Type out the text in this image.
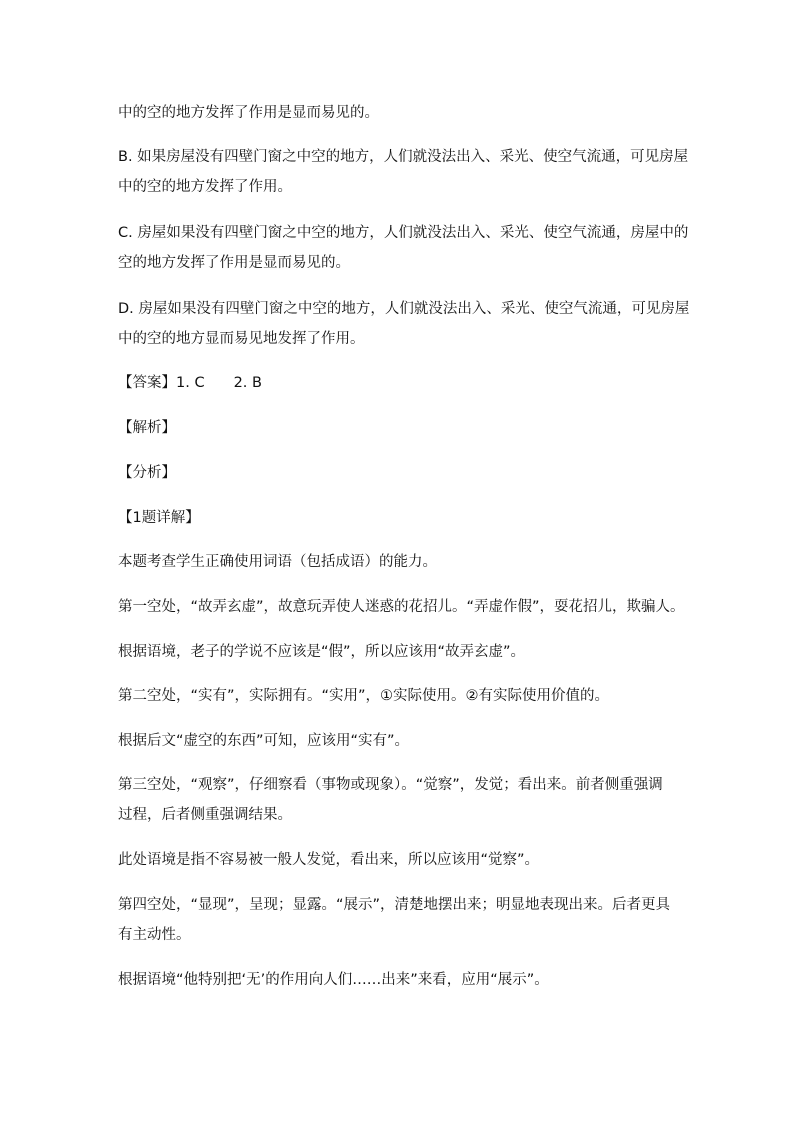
中的空的地方发挥了作用是显而易见的。
B. 如果房屋没有四壁门窗之中空的地方，人们就没法出入、采光、使空气流通，可见房屋
中的空的地方发挥了作用。
C. 房屋如果没有四壁门窗之中空的地方，人们就没法出入、采光、使空气流通，房屋中的
空的地方发挥了作用是显而易见的。
D. 房屋如果没有四壁门窗之中空的地方，人们就没法出入、采光、使空气流通，可见房屋
中的空的地方显而易见地发挥了作用。
【答案】1. C　　2. B
【解析】
【分析】
【1题详解】
本题考查学生正确使用词语（包括成语）的能力。
第一空处，“故弄玄虚”，故意玩弄使人迷惑的花招儿。“弄虚作假”，耍花招儿，欺骗人。
根据语境，老子的学说不应该是“假”，所以应该用“故弄玄虚”。
第二空处，“实有”，实际拥有。“实用”，①实际使用。②有实际使用价值的。
根据后文“虚空的东西”可知，应该用“实有”。
第三空处，“观察”，仔细察看（事物或现象）。“觉察”，发觉；看出来。前者侧重强调
过程，后者侧重强调结果。
此处语境是指不容易被一般人发觉，看出来，所以应该用“觉察”。
第四空处，“显现”，呈现；显露。“展示”，清楚地摆出来；明显地表现出来。后者更具
有主动性。
根据语境“他特别把‘无’的作用向人们……出来”来看，应用“展示”。
